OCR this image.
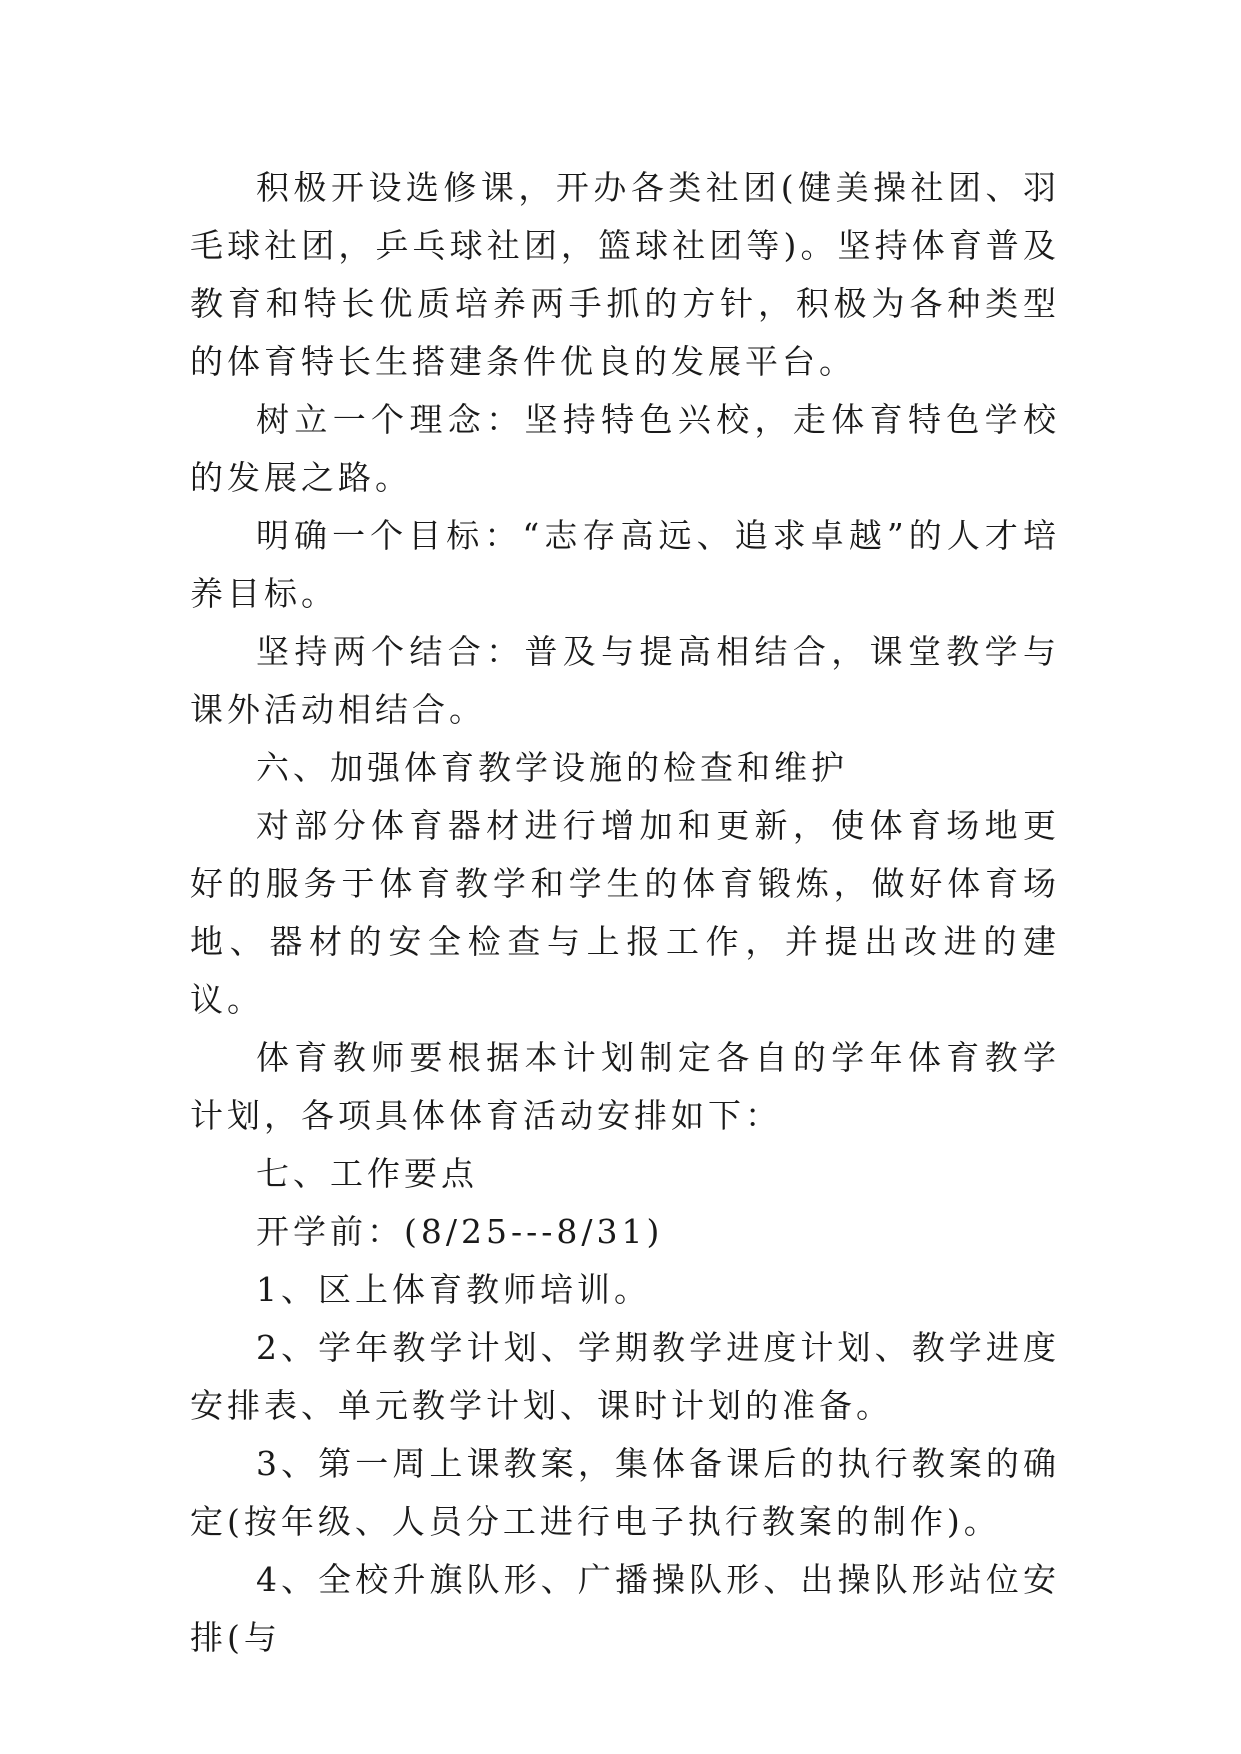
积极开设选修课，开办各类社团(健美操社团、羽毛球社团，乒乓球社团，篮球社团等)。坚持体育普及教育和特长优质培养两手抓的方针，积极为各种类型的体育特长生搭建条件优良的发展平台。

树立一个理念：坚持特色兴校，走体育特色学校的发展之路。

明确一个目标：“志存高远、追求卓越”的人才培养目标。

坚持两个结合：普及与提高相结合，课堂教学与课外活动相结合。

六、加强体育教学设施的检查和维护

对部分体育器材进行增加和更新，使体育场地更好的服务于体育教学和学生的体育锻炼，做好体育场地、器材的安全检查与上报工作，并提出改进的建议。

体育教师要根据本计划制定各自的学年体育教学计划，各项具体体育活动安排如下：

七、工作要点

开学前：(8/25---8/31)

1、区上体育教师培训。

2、学年教学计划、学期教学进度计划、教学进度安排表、单元教学计划、课时计划的准备。

3、第一周上课教案，集体备课后的执行教案的确定(按年级、人员分工进行电子执行教案的制作)。

4、全校升旗队形、广播操队形、出操队形站位安排(与
